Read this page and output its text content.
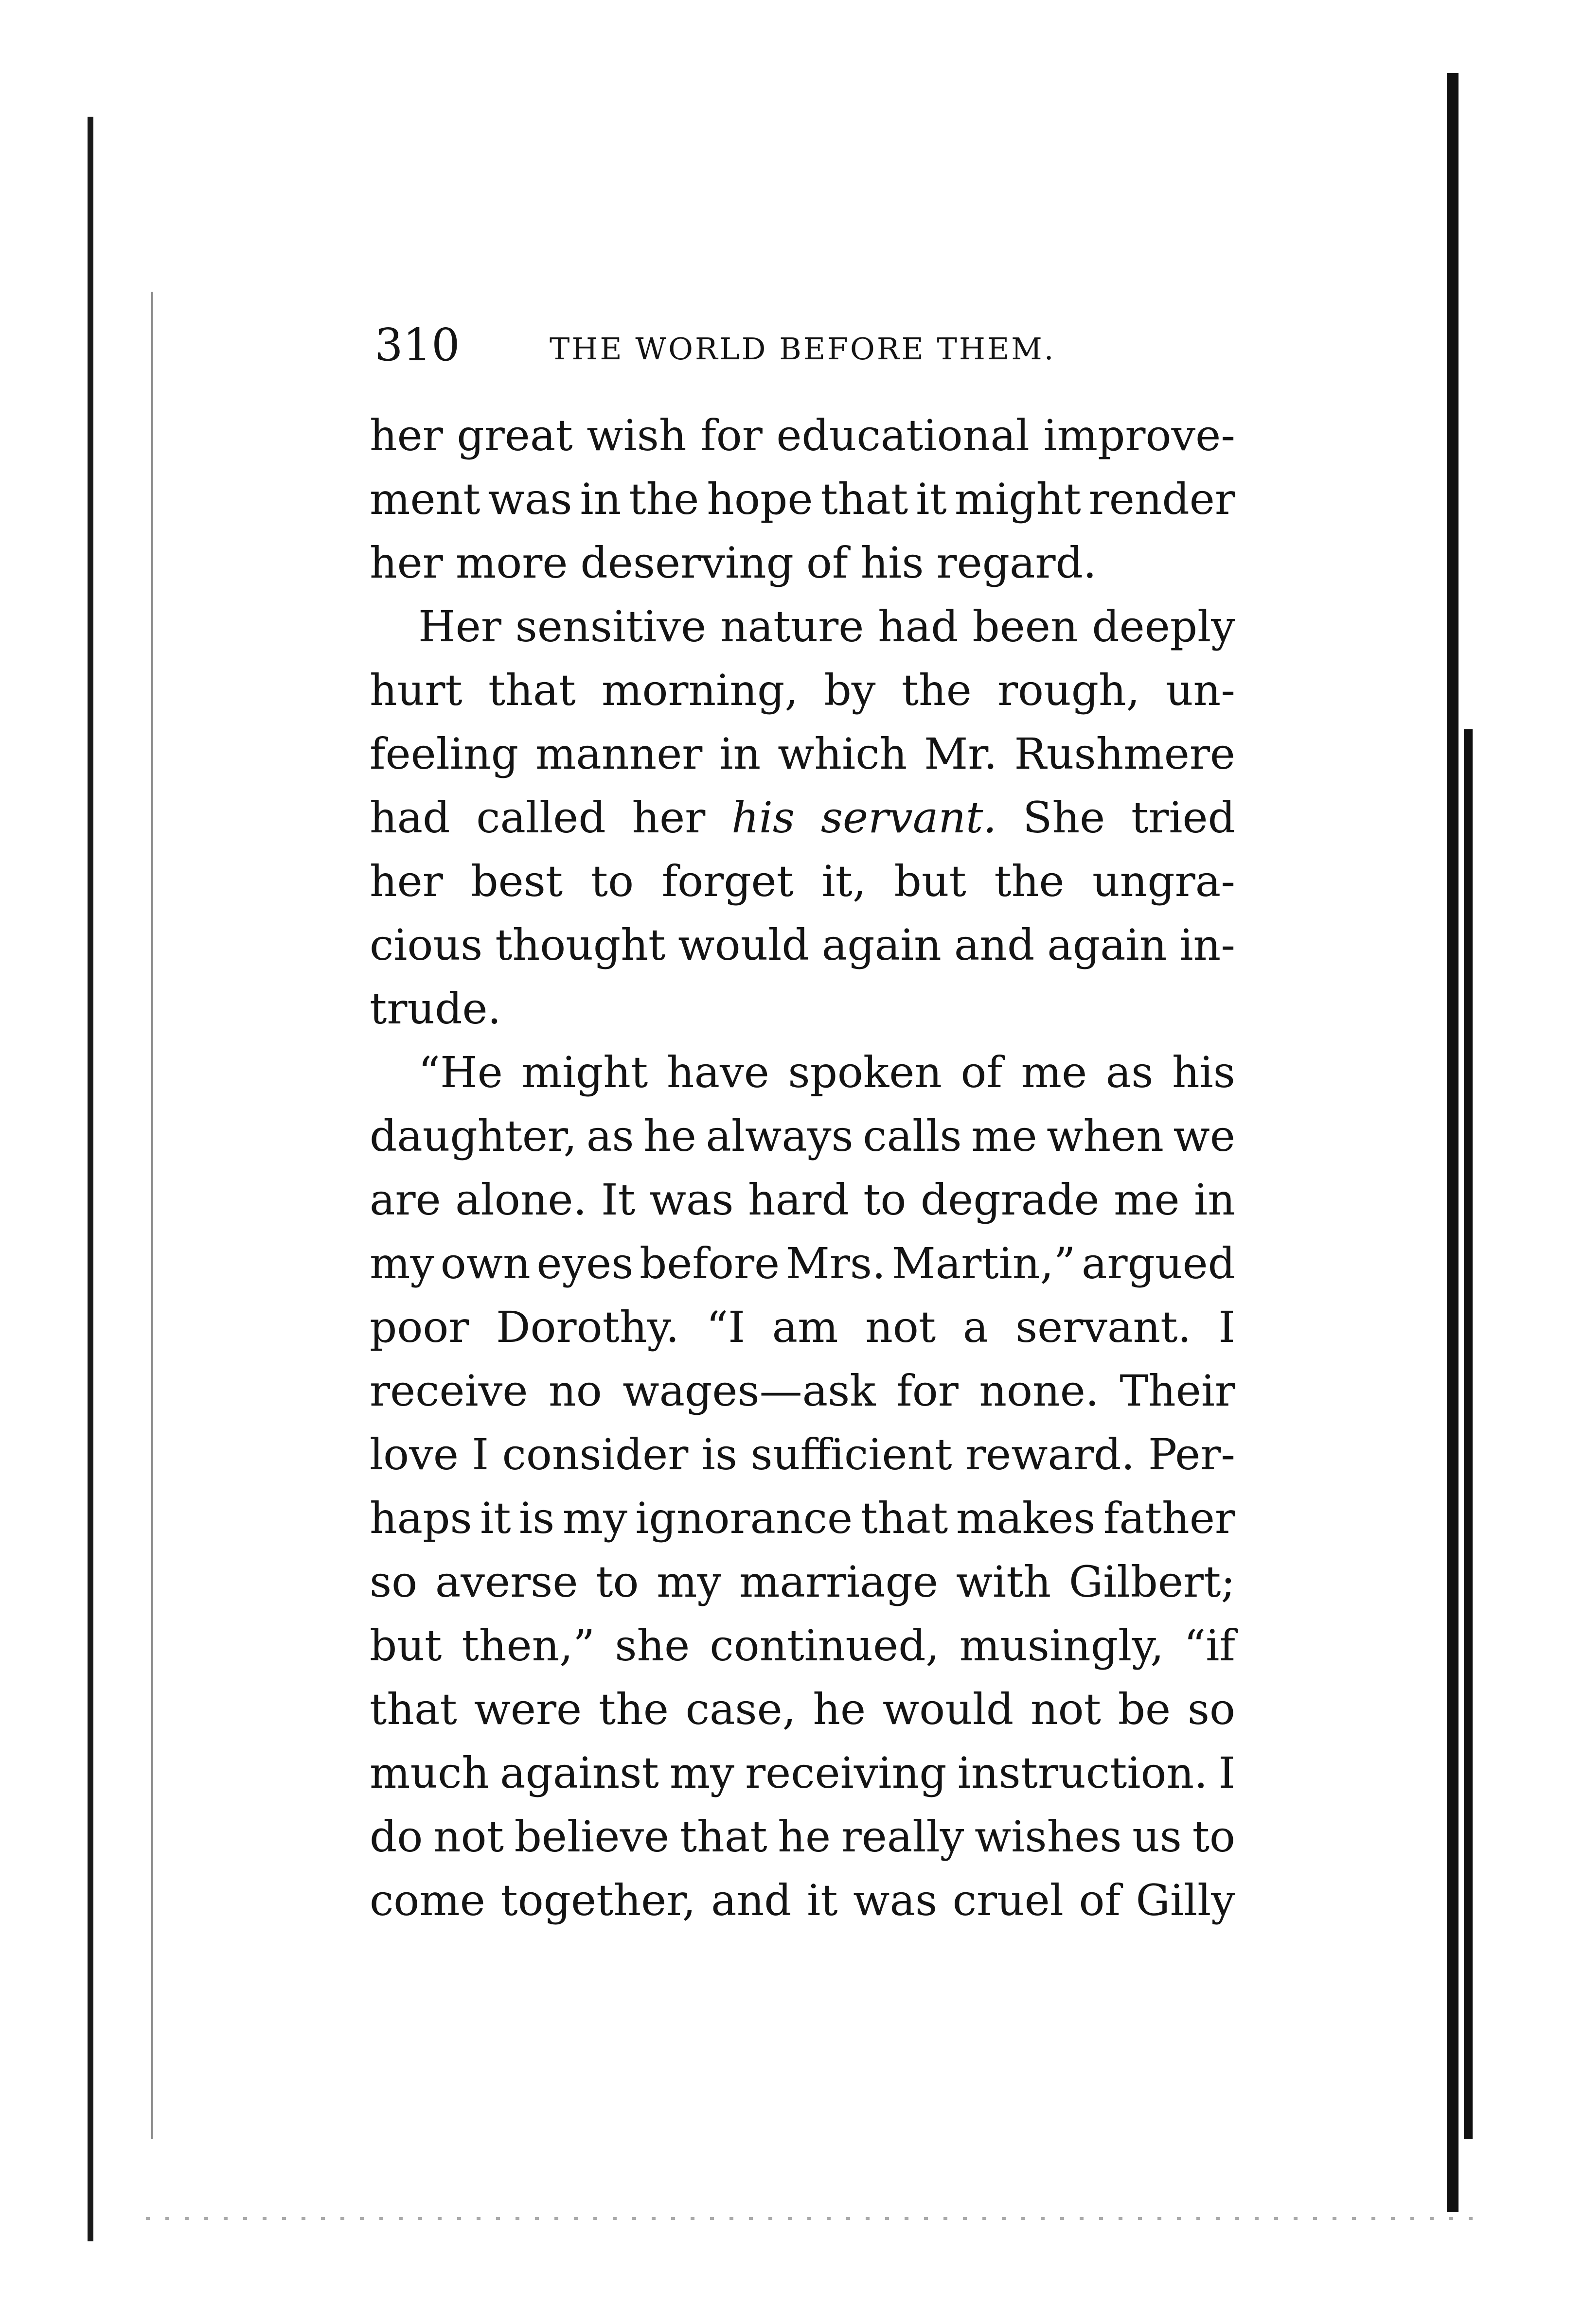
310	THE WORLD BEFORE THEM.
her great wish for educational improve-
ment was in the hope that it might render
her more deserving of his regard.
Her sensitive nature had been deeply
hurt that morning, by the rough, un-
feeling manner in which Mr. Rushmere
had called her his servant. She tried
her best to forget it, but the ungra-
cious thought would again and again in-
trude.
“He might have spoken of me as his
daughter, as he always calls me when we
are alone. It was hard to degrade me in
my own eyes before Mrs. Martin,” argued
poor Dorothy. “I am not a servant. I
receive no wages—ask for none. Their
love I consider is sufficient reward. Per-
haps it is my ignorance that makes father
so averse to my marriage with Gilbert;
but then,” she continued, musingly, “if
that were the case, he would not be so
much against my receiving instruction. I
do not believe that he really wishes us to
come together, and it was cruel of Gilly
